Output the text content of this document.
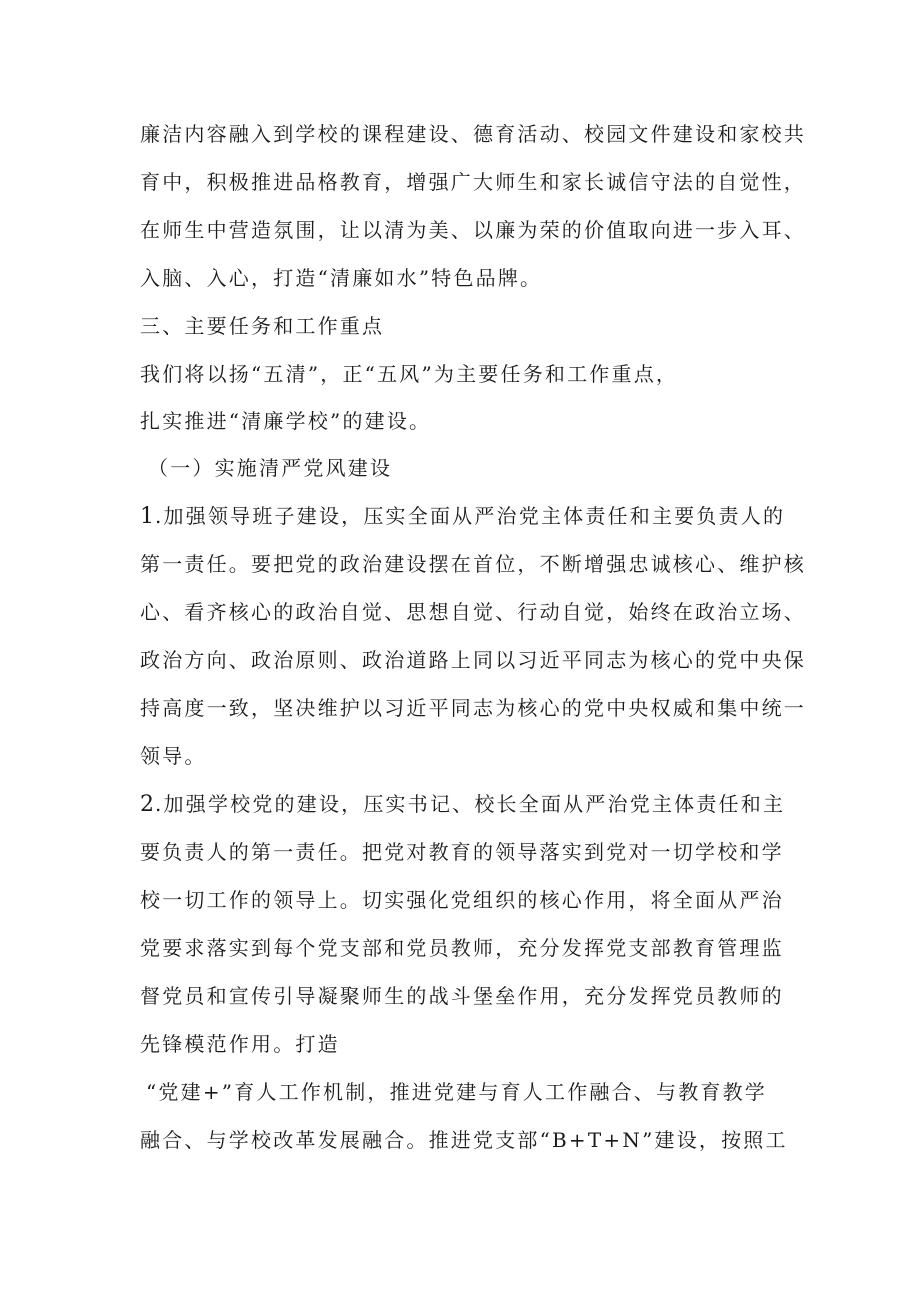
廉洁内容融入到学校的课程建设、德育活动、校园文件建设和家校共
育中，积极推进品格教育，增强广大师生和家长诚信守法的自觉性，
在师生中营造氛围，让以清为美、以廉为荣的价值取向进一步入耳、
入脑、入心，打造“清廉如水”特色品牌。
三、主要任务和工作重点
我们将以扬“五清”，正“五风”为主要任务和工作重点，
扎实推进“清廉学校”的建设。
（一）实施清严党风建设
1.加强领导班子建设，压实全面从严治党主体责任和主要负责人的
第一责任。要把党的政治建设摆在首位，不断增强忠诚核心、维护核
心、看齐核心的政治自觉、思想自觉、行动自觉，始终在政治立场、
政治方向、政治原则、政治道路上同以习近平同志为核心的党中央保
持高度一致，坚决维护以习近平同志为核心的党中央权威和集中统一
领导。
2.加强学校党的建设，压实书记、校长全面从严治党主体责任和主
要负责人的第一责任。把党对教育的领导落实到党对一切学校和学
校一切工作的领导上。切实强化党组织的核心作用，将全面从严治
党要求落实到每个党支部和党员教师，充分发挥党支部教育管理监
督党员和宣传引导凝聚师生的战斗堡垒作用，充分发挥党员教师的
先锋模范作用。打造
“党建+”育人工作机制，推进党建与育人工作融合、与教育教学
融合、与学校改革发展融合。推进党支部“B+T+N”建设，按照工
